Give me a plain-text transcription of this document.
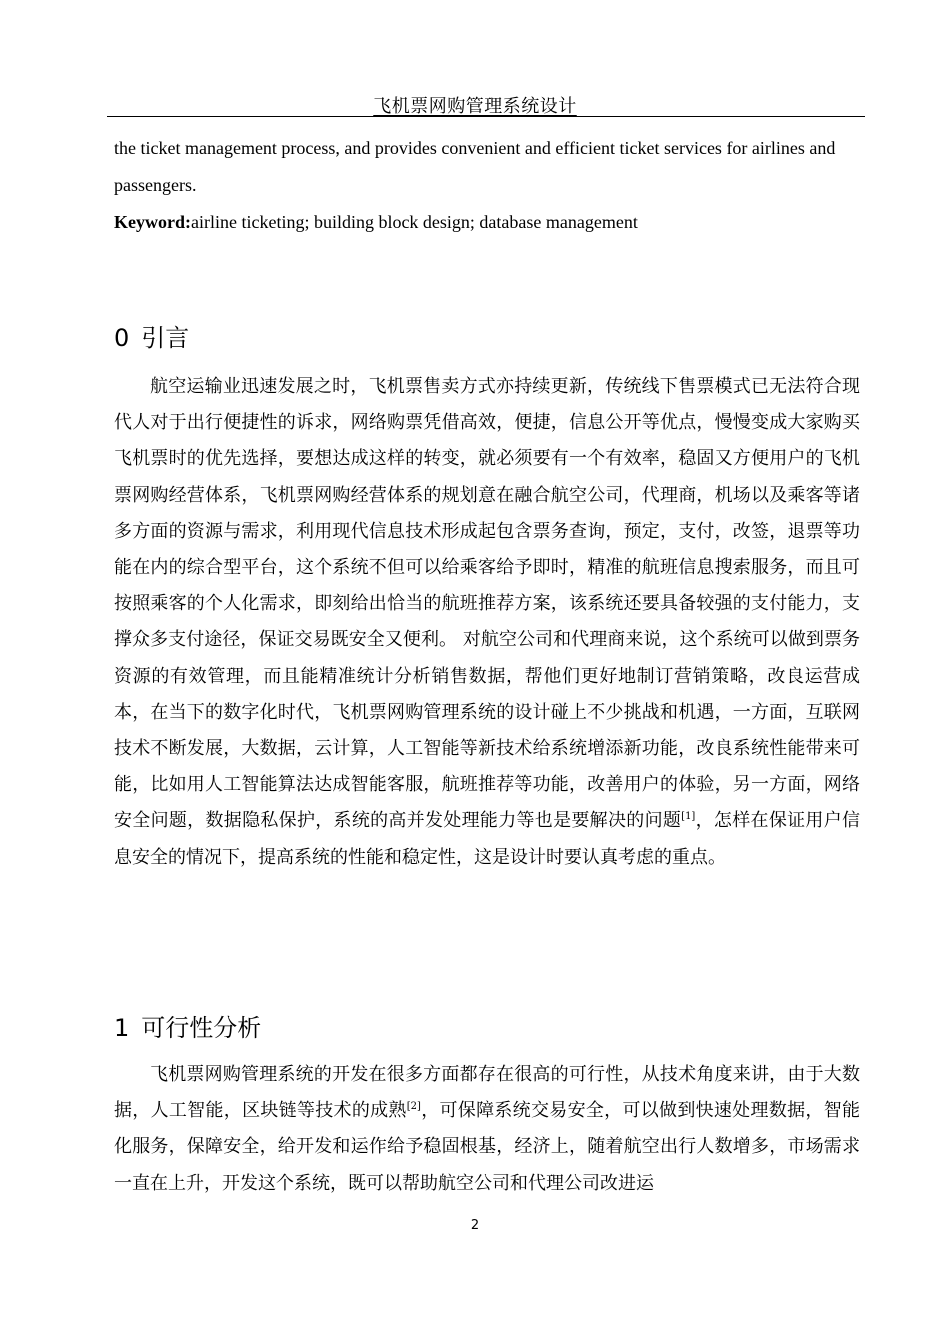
飞机票网购管理系统设计

the ticket management process, and provides convenient and efficient ticket services for airlines and passengers.

Keyword:airline ticketing; building block design; database management

0 引言

航空运输业迅速发展之时，飞机票售卖方式亦持续更新，传统线下售票模式已无法符合现代人对于出行便捷性的诉求，网络购票凭借高效，便捷，信息公开等优点，慢慢变成大家购买飞机票时的优先选择，要想达成这样的转变，就必须要有一个有效率，稳固又方便用户的飞机票网购经营体系，飞机票网购经营体系的规划意在融合航空公司，代理商，机场以及乘客等诸多方面的资源与需求，利用现代信息技术形成起包含票务查询，预定，支付，改签，退票等功能在内的综合型平台，这个系统不但可以给乘客给予即时，精准的航班信息搜索服务，而且可按照乘客的个人化需求，即刻给出恰当的航班推荐方案，该系统还要具备较强的支付能力，支撑众多支付途径，保证交易既安全又便利。 对航空公司和代理商来说，这个系统可以做到票务资源的有效管理，而且能精准统计分析销售数据，帮他们更好地制订营销策略，改良运营成本，在当下的数字化时代，飞机票网购管理系统的设计碰上不少挑战和机遇，一方面，互联网技术不断发展，大数据，云计算，人工智能等新技术给系统增添新功能，改良系统性能带来可能，比如用人工智能算法达成智能客服，航班推荐等功能，改善用户的体验，另一方面，网络安全问题，数据隐私保护，系统的高并发处理能力等也是要解决的问题[1]，怎样在保证用户信息安全的情况下，提高系统的性能和稳定性，这是设计时要认真考虑的重点。

1 可行性分析

飞机票网购管理系统的开发在很多方面都存在很高的可行性，从技术角度来讲，由于大数据，人工智能，区块链等技术的成熟[2]，可保障系统交易安全，可以做到快速处理数据，智能化服务，保障安全，给开发和运作给予稳固根基，经济上，随着航空出行人数增多，市场需求一直在上升，开发这个系统，既可以帮助航空公司和代理公司改进运

2
